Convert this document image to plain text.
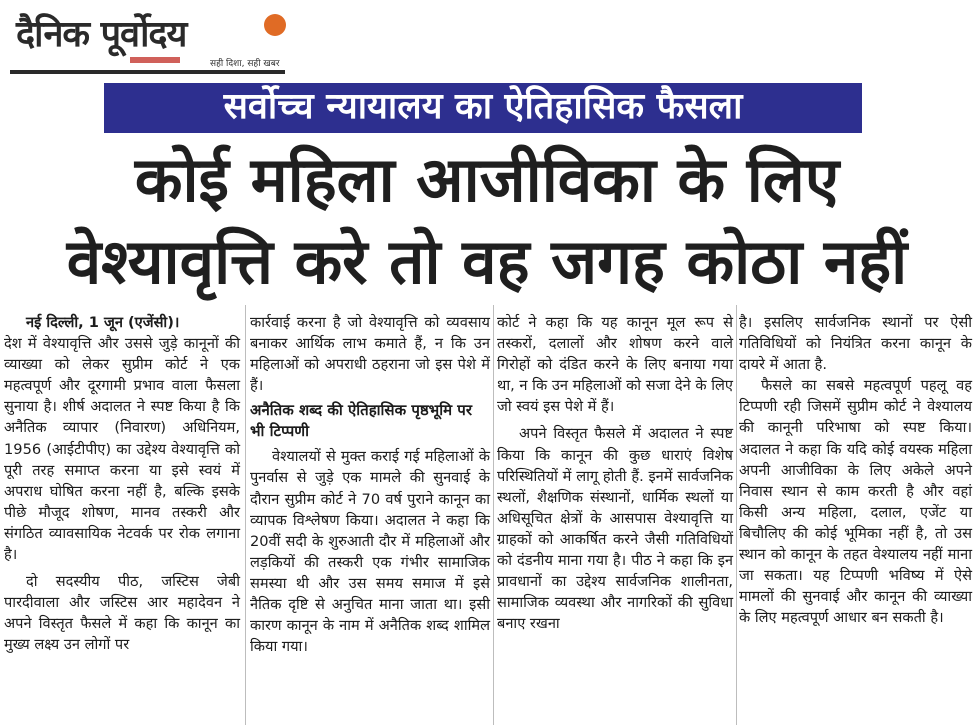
दैनिक पूर्वोदय
सही दिशा, सही खबर
सर्वोच्च न्यायालय का ऐतिहासिक फैसला
कोई महिला आजीविका के लिए
वेश्यावृत्ति करे तो वह जगह कोठा नहीं

नई दिल्ली, 1 जून (एजेंसी)।

देश में वेश्यावृत्ति और उससे जुड़े कानूनों की व्याख्या को लेकर सुप्रीम कोर्ट ने एक महत्वपूर्ण और दूरगामी प्रभाव वाला फैसला सुनाया है। शीर्ष अदालत ने स्पष्ट किया है कि अनैतिक व्यापार (निवारण) अधिनियम, 1956 (आईटीपीए) का उद्देश्य वेश्यावृत्ति को पूरी तरह समाप्त करना या इसे स्वयं में अपराध घोषित करना नहीं है, बल्कि इसके पीछे मौजूद शोषण, मानव तस्करी और संगठित व्यावसायिक नेटवर्क पर रोक लगाना है।

दो सदस्यीय पीठ, जस्टिस जेबी पारदीवाला और जस्टिस आर महादेवन ने अपने विस्तृत फैसले में कहा कि कानून का मुख्य लक्ष्य उन लोगों पर

कार्रवाई करना है जो वेश्यावृत्ति को व्यवसाय बनाकर आर्थिक लाभ कमाते हैं, न कि उन महिलाओं को अपराधी ठहराना जो इस पेशे में हैं।

अनैतिक शब्द की ऐतिहासिक पृष्ठभूमि पर भी टिप्पणी

वेश्यालयों से मुक्त कराई गई महिलाओं के पुनर्वास से जुड़े एक मामले की सुनवाई के दौरान सुप्रीम कोर्ट ने 70 वर्ष पुराने कानून का व्यापक विश्लेषण किया। अदालत ने कहा कि 20वीं सदी के शुरुआती दौर में महिलाओं और लड़कियों की तस्करी एक गंभीर सामाजिक समस्या थी और उस समय समाज में इसे नैतिक दृष्टि से अनुचित माना जाता था। इसी कारण कानून के नाम में अनैतिक शब्द शामिल किया गया।

कोर्ट ने कहा कि यह कानून मूल रूप से तस्करों, दलालों और शोषण करने वाले गिरोहों को दंडित करने के लिए बनाया गया था, न कि उन महिलाओं को सजा देने के लिए जो स्वयं इस पेशे में हैं।

अपने विस्तृत फैसले में अदालत ने स्पष्ट किया कि कानून की कुछ धाराएं विशेष परिस्थितियों में लागू होती हैं. इनमें सार्वजनिक स्थलों, शैक्षणिक संस्थानों, धार्मिक स्थलों या अधिसूचित क्षेत्रों के आसपास वेश्यावृत्ति या ग्राहकों को आकर्षित करने जैसी गतिविधियों को दंडनीय माना गया है। पीठ ने कहा कि इन प्रावधानों का उद्देश्य सार्वजनिक शालीनता, सामाजिक व्यवस्था और नागरिकों की सुविधा बनाए रखना

है। इसलिए सार्वजनिक स्थानों पर ऐसी गतिविधियों को नियंत्रित करना कानून के दायरे में आता है.

फैसले का सबसे महत्वपूर्ण पहलू वह टिप्पणी रही जिसमें सुप्रीम कोर्ट ने वेश्यालय की कानूनी परिभाषा को स्पष्ट किया। अदालत ने कहा कि यदि कोई वयस्क महिला अपनी आजीविका के लिए अकेले अपने निवास स्थान से काम करती है और वहां किसी अन्य महिला, दलाल, एजेंट या बिचौलिए की कोई भूमिका नहीं है, तो उस स्थान को कानून के तहत वेश्यालय नहीं माना जा सकता। यह टिप्पणी भविष्य में ऐसे मामलों की सुनवाई और कानून की व्याख्या के लिए महत्वपूर्ण आधार बन सकती है।
